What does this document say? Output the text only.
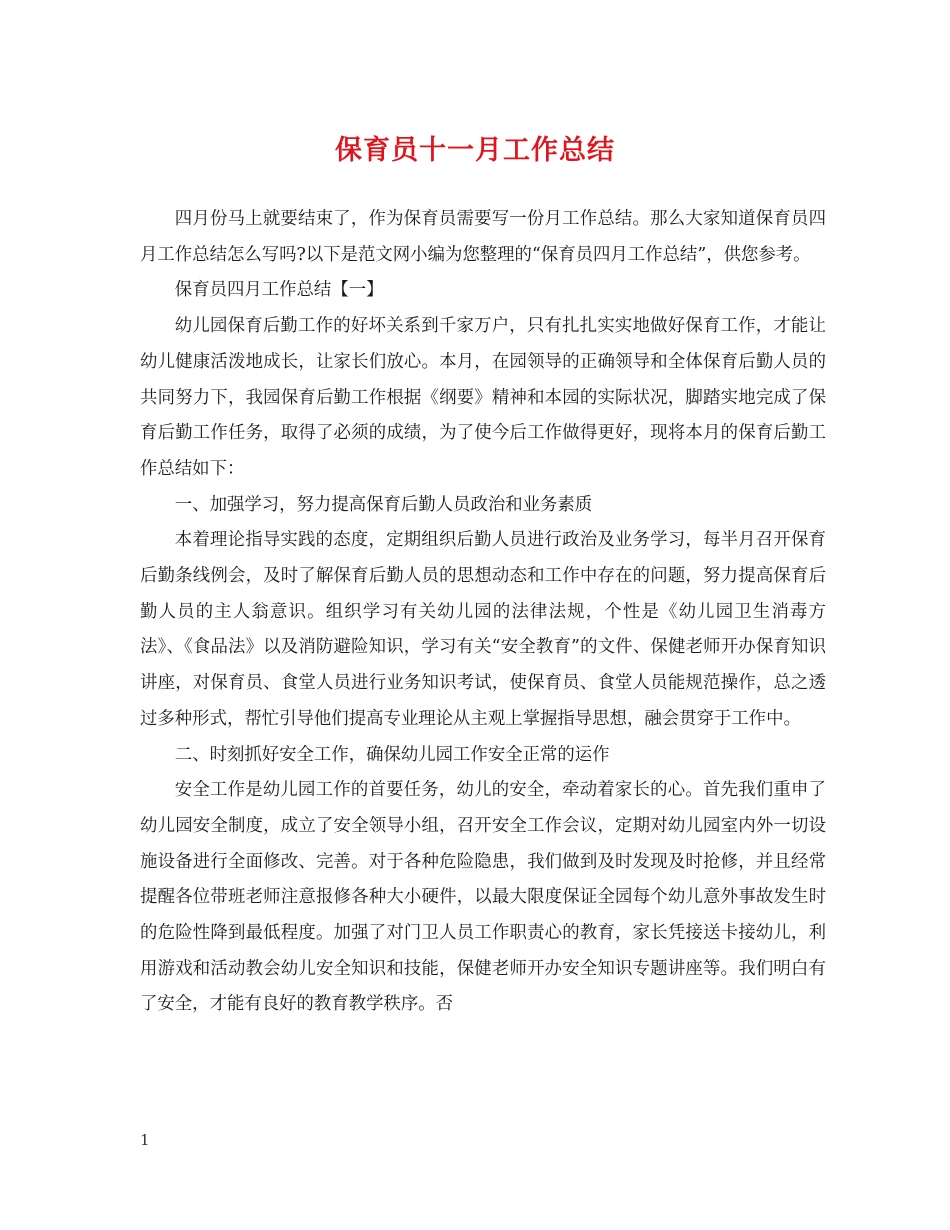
保育员十一月工作总结

四月份马上就要结束了，作为保育员需要写一份月工作总结。那么大家知道保育员四月工作总结怎么写吗?以下是范文网小编为您整理的“保育员四月工作总结”，供您参考。

保育员四月工作总结【一】

幼儿园保育后勤工作的好坏关系到千家万户，只有扎扎实实地做好保育工作，才能让幼儿健康活泼地成长，让家长们放心。本月，在园领导的正确领导和全体保育后勤人员的共同努力下，我园保育后勤工作根据《纲要》精神和本园的实际状况，脚踏实地完成了保育后勤工作任务，取得了必须的成绩，为了使今后工作做得更好，现将本月的保育后勤工作总结如下：

一、加强学习，努力提高保育后勤人员政治和业务素质

本着理论指导实践的态度，定期组织后勤人员进行政治及业务学习，每半月召开保育后勤条线例会，及时了解保育后勤人员的思想动态和工作中存在的问题，努力提高保育后勤人员的主人翁意识。组织学习有关幼儿园的法律法规，个性是《幼儿园卫生消毒方法》、《食品法》以及消防避险知识，学习有关“安全教育”的文件、保健老师开办保育知识讲座，对保育员、食堂人员进行业务知识考试，使保育员、食堂人员能规范操作，总之透过多种形式，帮忙引导他们提高专业理论从主观上掌握指导思想，融会贯穿于工作中。

二、时刻抓好安全工作，确保幼儿园工作安全正常的运作

安全工作是幼儿园工作的首要任务，幼儿的安全，牵动着家长的心。首先我们重申了幼儿园安全制度，成立了安全领导小组，召开安全工作会议，定期对幼儿园室内外一切设施设备进行全面修改、完善。对于各种危险隐患，我们做到及时发现及时抢修，并且经常提醒各位带班老师注意报修各种大小硬件，以最大限度保证全园每个幼儿意外事故发生时的危险性降到最低程度。加强了对门卫人员工作职责心的教育，家长凭接送卡接幼儿，利用游戏和活动教会幼儿安全知识和技能，保健老师开办安全知识专题讲座等。我们明白有了安全，才能有良好的教育教学秩序。否

1
